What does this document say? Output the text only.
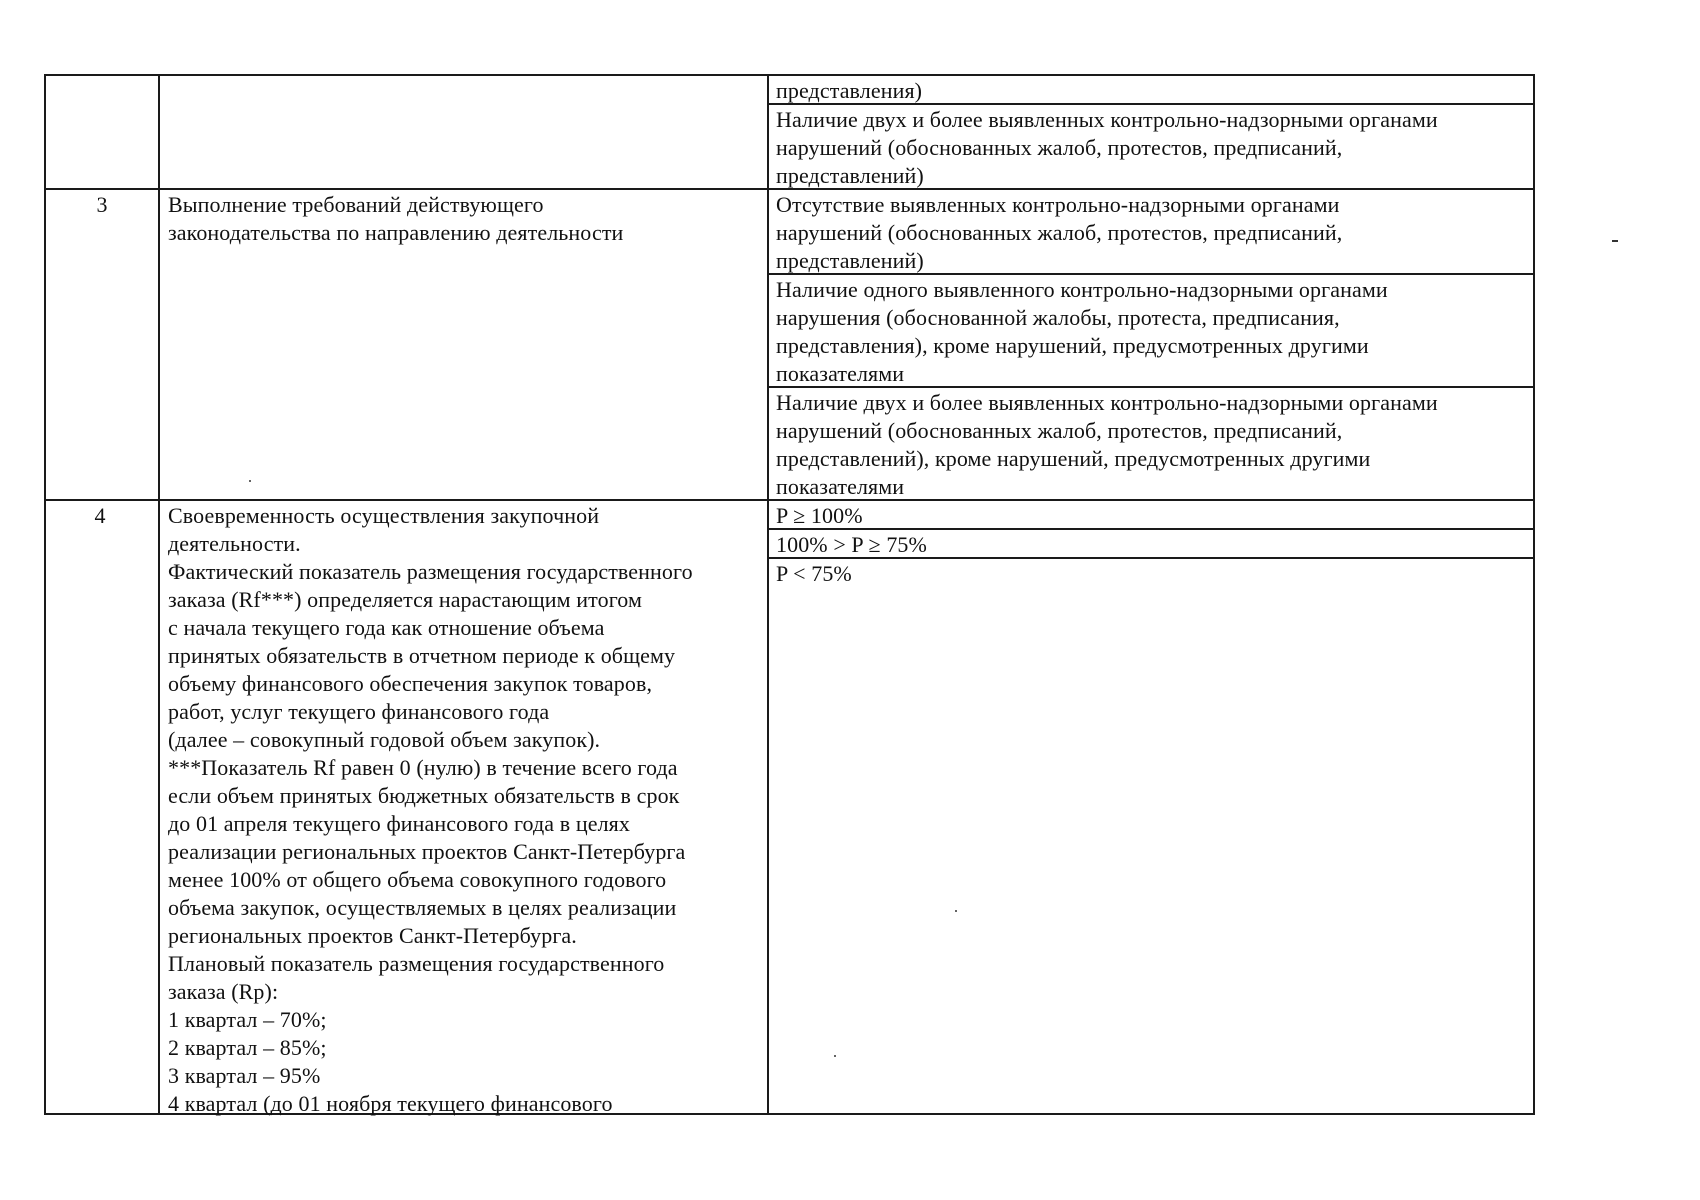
представления)
Наличие двух и более выявленных контрольно-надзорными органами
нарушений (обоснованных жалоб, протестов, предписаний,
представлений)
3	Выполнение требований действующего
законодательства по направлению деятельности
Отсутствие выявленных контрольно-надзорными органами
нарушений (обоснованных жалоб, протестов, предписаний,
представлений)
Наличие одного выявленного контрольно-надзорными органами
нарушения (обоснованной жалобы, протеста, предписания,
представления), кроме нарушений, предусмотренных другими
показателями
Наличие двух и более выявленных контрольно-надзорными органами
нарушений (обоснованных жалоб, протестов, предписаний,
представлений), кроме нарушений, предусмотренных другими
показателями
4	Своевременность осуществления закупочной
деятельности.
Фактический показатель размещения государственного
заказа (Rf***) определяется нарастающим итогом
с начала текущего года как отношение объема
принятых обязательств в отчетном периоде к общему
объему финансового обеспечения закупок товаров,
работ, услуг текущего финансового года
(далее – совокупный годовой объем закупок).
***Показатель Rf равен 0 (нулю) в течение всего года
если объем принятых бюджетных обязательств в срок
до 01 апреля текущего финансового года в целях
реализации региональных проектов Санкт-Петербурга
менее 100% от общего объема совокупного годового
объема закупок, осуществляемых в целях реализации
региональных проектов Санкт-Петербурга.
Плановый показатель размещения государственного
заказа (Rp):
1 квартал – 70%;
2 квартал – 85%;
3 квартал – 95%
4 квартал (до 01 ноября текущего финансового
P ≥ 100%
100% > P ≥ 75%
P < 75%
